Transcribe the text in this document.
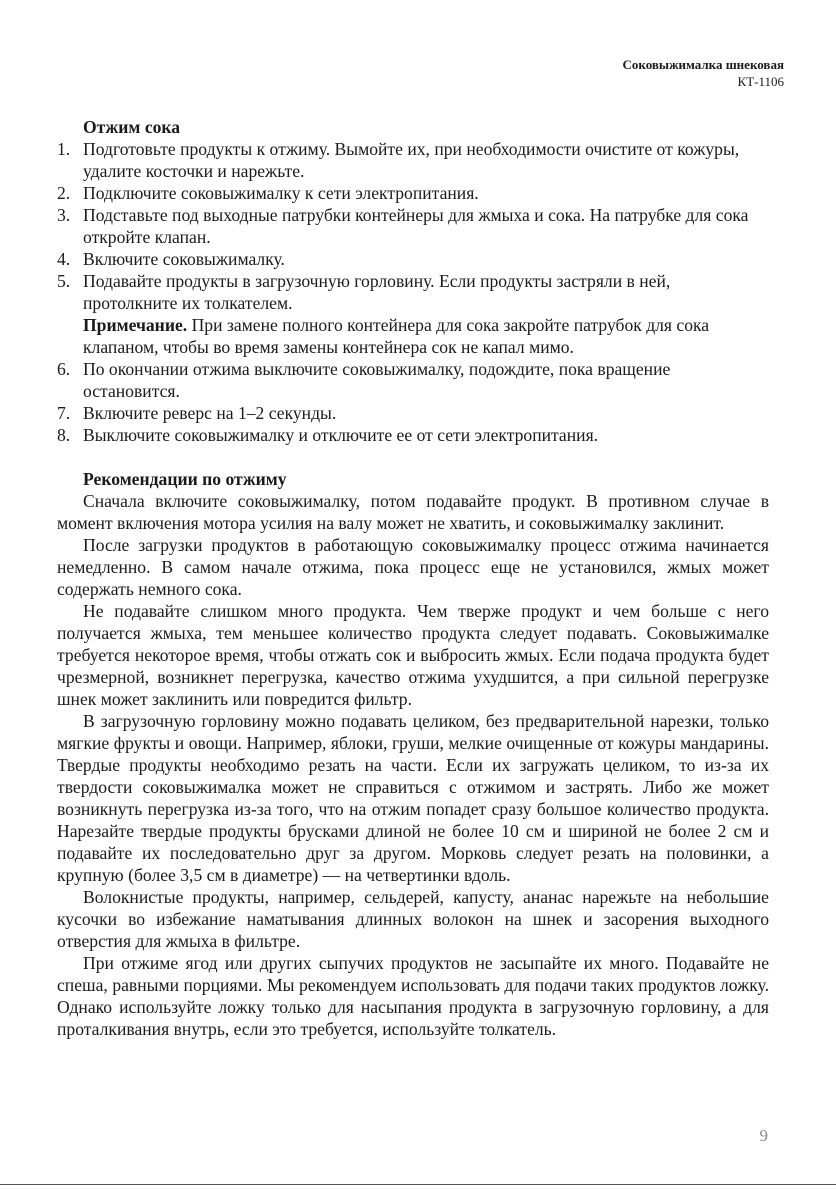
Соковыжималка шнековая
КТ-1106
Отжим сока
1. Подготовьте продукты к отжиму. Вымойте их, при необходимости очистите от кожуры, удалите косточки и нарежьте.
2. Подключите соковыжималку к сети электропитания.
3. Подставьте под выходные патрубки контейнеры для жмыха и сока. На патрубке для сока откройте клапан.
4. Включите соковыжималку.
5. Подавайте продукты в загрузочную горловину. Если продукты застряли в ней, протолкните их толкателем.
Примечание. При замене полного контейнера для сока закройте патрубок для сока клапаном, чтобы во время замены контейнера сок не капал мимо.
6. По окончании отжима выключите соковыжималку, подождите, пока вращение остановится.
7. Включите реверс на 1–2 секунды.
8. Выключите соковыжималку и отключите ее от сети электропитания.
Рекомендации по отжиму

Сначала включите соковыжималку, потом подавайте продукт. В противном случае в момент включения мотора усилия на валу может не хватить, и соковыжималку заклинит.

После загрузки продуктов в работающую соковыжималку процесс отжима начинается немедленно. В самом начале отжима, пока процесс еще не установился, жмых может содержать немного сока.

Не подавайте слишком много продукта. Чем тверже продукт и чем больше с него получается жмыха, тем меньшее количество продукта следует подавать. Соковыжималке требуется некоторое время, чтобы отжать сок и выбросить жмых. Если подача продукта будет чрезмерной, возникнет перегрузка, качество отжима ухудшится, а при сильной перегрузке шнек может заклинить или повредится фильтр.

В загрузочную горловину можно подавать целиком, без предварительной нарезки, только мягкие фрукты и овощи. Например, яблоки, груши, мелкие очищенные от кожуры мандарины. Твердые продукты необходимо резать на части. Если их загружать целиком, то из-за их твердости соковыжималка может не справиться с отжимом и застрять. Либо же может возникнуть перегрузка из-за того, что на отжим попадет сразу большое количество продукта. Нарезайте твердые продукты брусками длиной не более 10 см и шириной не более 2 см и подавайте их последовательно друг за другом. Морковь следует резать на половинки, а крупную (более 3,5 см в диаметре) — на четвертинки вдоль.

Волокнистые продукты, например, сельдерей, капусту, ананас нарежьте на небольшие кусочки во избежание наматывания длинных волокон на шнек и засорения выходного отверстия для жмыха в фильтре.

При отжиме ягод или других сыпучих продуктов не засыпайте их много. Подавайте не спеша, равными порциями. Мы рекомендуем использовать для подачи таких продуктов ложку. Однако используйте ложку только для насыпания продукта в загрузочную горловину, а для проталкивания внутрь, если это требуется, используйте толкатель.

9
